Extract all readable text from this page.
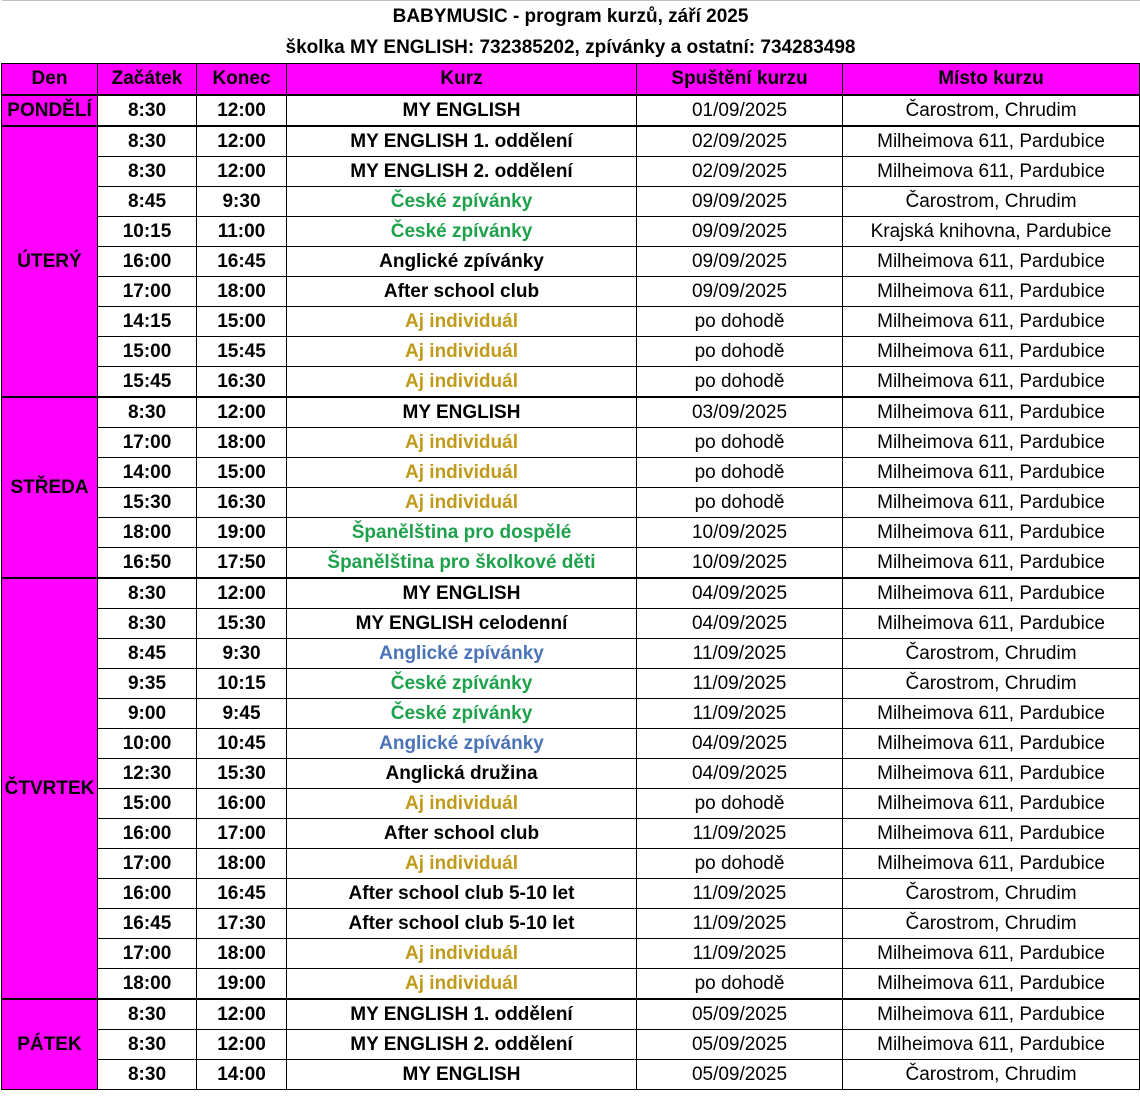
BABYMUSIC - program kurzů, září 2025					
školka MY ENGLISH: 732385202, zpívánky a ostatní: 734283498					
Den	Začátek	Konec	Kurz	Spuštění kurzu	Místo kurzu
PONDĚLÍ	8:30	12:00	MY ENGLISH	01/09/2025	Čarostrom, Chrudim
ÚTERÝ	8:30	12:00	MY ENGLISH 1. oddělení	02/09/2025	Milheimova 611, Pardubice
	8:30	12:00	MY ENGLISH 2. oddělení	02/09/2025	Milheimova 611, Pardubice
	8:45	9:30	České zpívánky	09/09/2025	Čarostrom, Chrudim
	10:15	11:00	České zpívánky	09/09/2025	Krajská knihovna, Pardubice
	16:00	16:45	Anglické zpívánky	09/09/2025	Milheimova 611, Pardubice
	17:00	18:00	After school club	09/09/2025	Milheimova 611, Pardubice
	14:15	15:00	Aj individuál	po dohodě	Milheimova 611, Pardubice
	15:00	15:45	Aj individuál	po dohodě	Milheimova 611, Pardubice
	15:45	16:30	Aj individuál	po dohodě	Milheimova 611, Pardubice
STŘEDA	8:30	12:00	MY ENGLISH	03/09/2025	Milheimova 611, Pardubice
	17:00	18:00	Aj individuál	po dohodě	Milheimova 611, Pardubice
	14:00	15:00	Aj individuál	po dohodě	Milheimova 611, Pardubice
	15:30	16:30	Aj individuál	po dohodě	Milheimova 611, Pardubice
	18:00	19:00	Španělština pro dospělé	10/09/2025	Milheimova 611, Pardubice
	16:50	17:50	Španělština pro školkové děti	10/09/2025	Milheimova 611, Pardubice
ČTVRTEK	8:30	12:00	MY ENGLISH	04/09/2025	Milheimova 611, Pardubice
	8:30	15:30	MY ENGLISH celodenní	04/09/2025	Milheimova 611, Pardubice
	8:45	9:30	Anglické zpívánky	11/09/2025	Čarostrom, Chrudim
	9:35	10:15	České zpívánky	11/09/2025	Čarostrom, Chrudim
	9:00	9:45	České zpívánky	11/09/2025	Milheimova 611, Pardubice
	10:00	10:45	Anglické zpívánky	04/09/2025	Milheimova 611, Pardubice
	12:30	15:30	Anglická družina	04/09/2025	Milheimova 611, Pardubice
	15:00	16:00	Aj individuál	po dohodě	Milheimova 611, Pardubice
	16:00	17:00	After school club	11/09/2025	Milheimova 611, Pardubice
	17:00	18:00	Aj individuál	po dohodě	Milheimova 611, Pardubice
	16:00	16:45	After school club 5-10 let	11/09/2025	Čarostrom, Chrudim
	16:45	17:30	After school club 5-10 let	11/09/2025	Čarostrom, Chrudim
	17:00	18:00	Aj individuál	11/09/2025	Milheimova 611, Pardubice
	18:00	19:00	Aj individuál	po dohodě	Milheimova 611, Pardubice
PÁTEK	8:30	12:00	MY ENGLISH 1. oddělení	05/09/2025	Milheimova 611, Pardubice
	8:30	12:00	MY ENGLISH 2. oddělení	05/09/2025	Milheimova 611, Pardubice
	8:30	14:00	MY ENGLISH	05/09/2025	Čarostrom, Chrudim
